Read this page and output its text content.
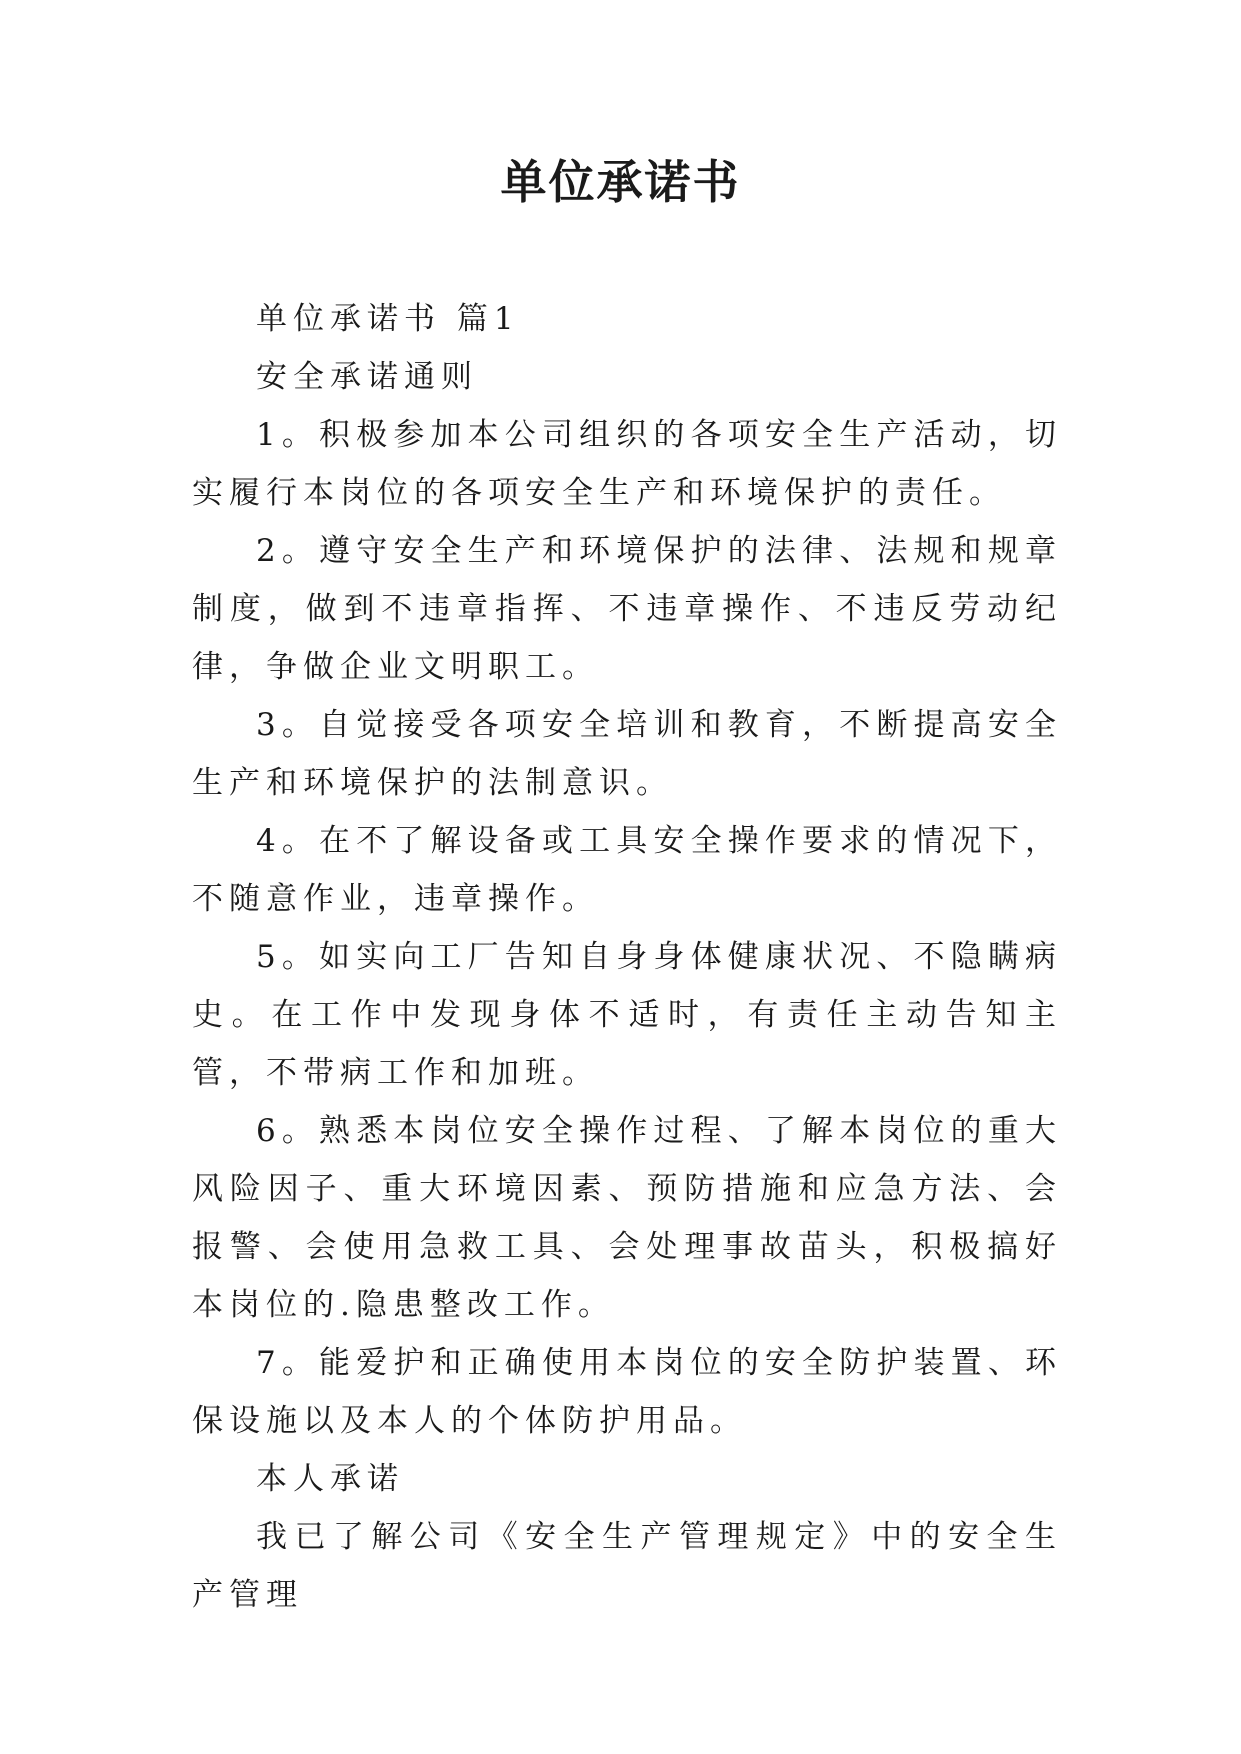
单位承诺书

单位承诺书 篇1

安全承诺通则

1。积极参加本公司组织的各项安全生产活动，切实履行本岗位的各项安全生产和环境保护的责任。

2。遵守安全生产和环境保护的法律、法规和规章制度，做到不违章指挥、不违章操作、不违反劳动纪律，争做企业文明职工。

3。自觉接受各项安全培训和教育，不断提高安全生产和环境保护的法制意识。

4。在不了解设备或工具安全操作要求的情况下，不随意作业，违章操作。

5。如实向工厂告知自身身体健康状况、不隐瞒病史。在工作中发现身体不适时，有责任主动告知主管，不带病工作和加班。

6。熟悉本岗位安全操作过程、了解本岗位的重大风险因子、重大环境因素、预防措施和应急方法、会报警、会使用急救工具、会处理事故苗头，积极搞好本岗位的.隐患整改工作。

7。能爱护和正确使用本岗位的安全防护装置、环保设施以及本人的个体防护用品。

本人承诺

我已了解公司《安全生产管理规定》中的安全生产管理
